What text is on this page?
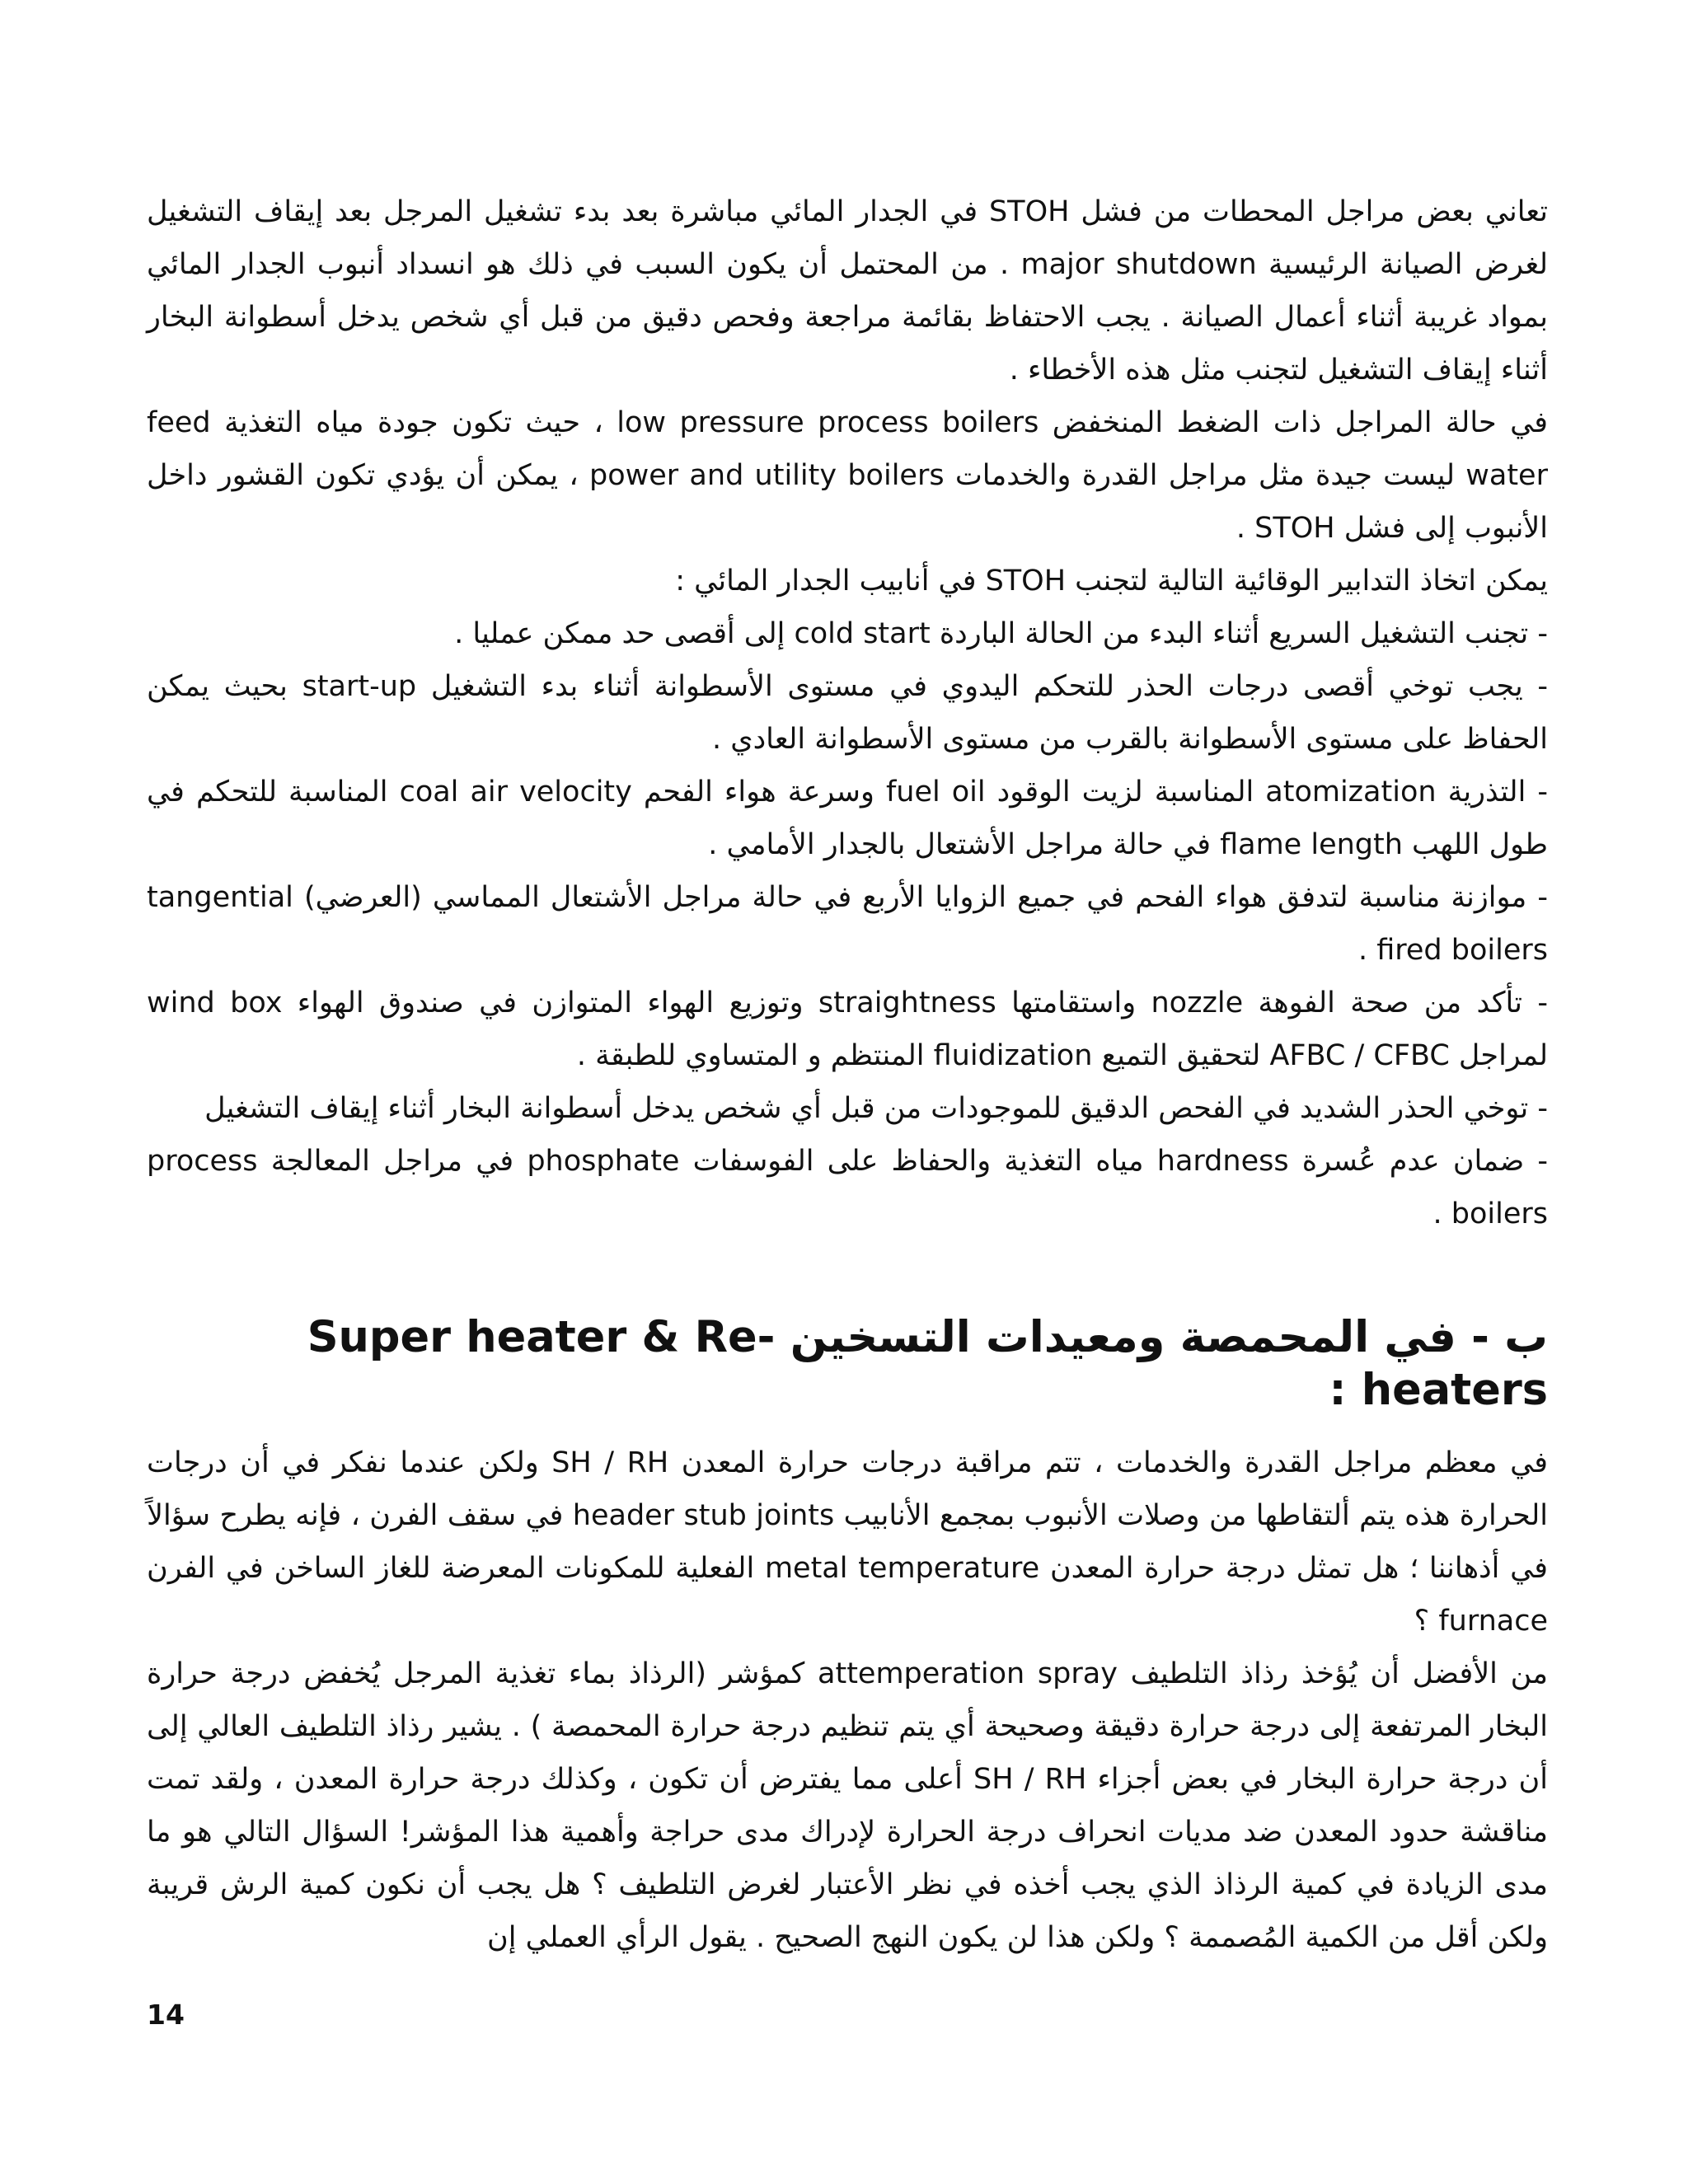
تعاني بعض مراجل المحطات من فشل STOH في الجدار المائي مباشرة بعد بدء تشغيل المرجل بعد إيقاف التشغيل لغرض الصيانة الرئيسية major shutdown . من المحتمل أن يكون السبب في ذلك هو انسداد أنبوب الجدار المائي بمواد غريبة أثناء أعمال الصيانة . يجب الاحتفاظ بقائمة مراجعة وفحص دقيق من قبل أي شخص يدخل أسطوانة البخار أثناء إيقاف التشغيل لتجنب مثل هذه الأخطاء .

في حالة المراجل ذات الضغط المنخفض low pressure process boilers ، حيث تكون جودة مياه التغذية feed water ليست جيدة مثل مراجل القدرة والخدمات power and utility boilers ، يمكن أن يؤدي تكون القشور داخل الأنبوب إلى فشل STOH .

يمكن اتخاذ التدابير الوقائية التالية لتجنب STOH في أنابيب الجدار المائي :

- تجنب التشغيل السريع أثناء البدء من الحالة الباردة cold start إلى أقصى حد ممكن عمليا .
- يجب توخي أقصى درجات الحذر للتحكم اليدوي في مستوى الأسطوانة أثناء بدء التشغيل start-up بحيث يمكن الحفاظ على مستوى الأسطوانة بالقرب من مستوى الأسطوانة العادي .
- التذرية atomization المناسبة لزيت الوقود fuel oil وسرعة هواء الفحم coal air velocity المناسبة للتحكم في طول اللهب flame length في حالة مراجل الأشتعال بالجدار الأمامي .
- موازنة مناسبة لتدفق هواء الفحم في جميع الزوايا الأربع في حالة مراجل الأشتعال المماسي (العرضي) tangential fired boilers .
- تأكد من صحة الفوهة nozzle واستقامتها straightness وتوزيع الهواء المتوازن في صندوق الهواء wind box لمراجل AFBC / CFBC لتحقيق التميع fluidization المنتظم و المتساوي للطبقة .
- توخي الحذر الشديد في الفحص الدقيق للموجودات من قبل أي شخص يدخل أسطوانة البخار أثناء إيقاف التشغيل
- ضمان عدم عُسرة hardness مياه التغذية والحفاظ على الفوسفات phosphate في مراجل المعالجة process boilers .
ب - في المحمصة ومعيدات التسخين Super heater & Re-heaters :

في معظم مراجل القدرة والخدمات ، تتم مراقبة درجات حرارة المعدن SH / RH ولكن عندما نفكر في أن درجات الحرارة هذه يتم ألتقاطها من وصلات الأنبوب بمجمع الأنابيب header stub joints في سقف الفرن ، فإنه يطرح سؤالاً في أذهاننا ؛ هل تمثل درجة حرارة المعدن metal temperature الفعلية للمكونات المعرضة للغاز الساخن في الفرن furnace ؟

من الأفضل أن يُؤخذ رذاذ التلطيف attemperation spray كمؤشر (الرذاذ بماء تغذية المرجل يُخفض درجة حرارة البخار المرتفعة إلى درجة حرارة دقيقة وصحيحة أي يتم تنظيم درجة حرارة المحمصة ) . يشير رذاذ التلطيف العالي إلى أن درجة حرارة البخار في بعض أجزاء SH / RH أعلى مما يفترض أن تكون ، وكذلك درجة حرارة المعدن ، ولقد تمت مناقشة حدود المعدن ضد مديات انحراف درجة الحرارة لإدراك مدى حراجة وأهمية هذا المؤشر! السؤال التالي هو ما مدى الزيادة في كمية الرذاذ الذي يجب أخذه في نظر الأعتبار لغرض التلطيف ؟ هل يجب أن نكون كمية الرش قريبة ولكن أقل من الكمية المُصممة ؟ ولكن هذا لن يكون النهج الصحيح . يقول الرأي العملي إن

14
